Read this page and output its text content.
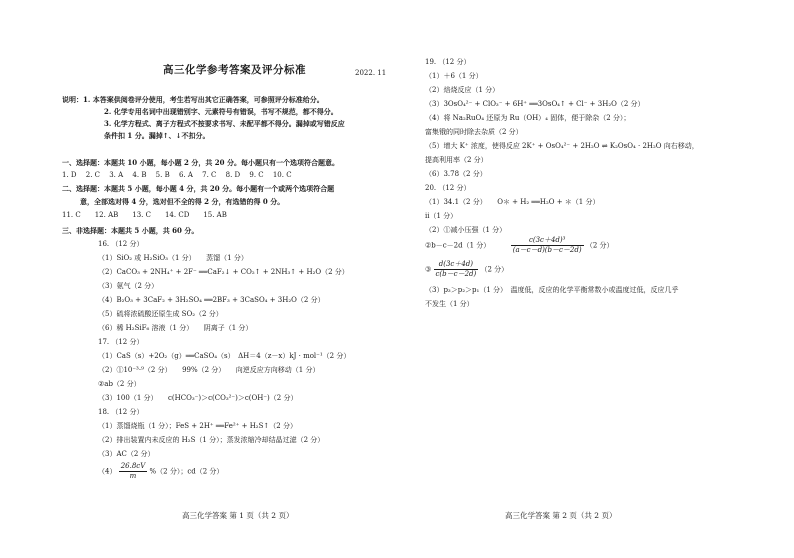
高三化学参考答案及评分标准	2022. 11
说明：1. 本答案供阅卷评分使用，考生若写出其它正确答案，可参照评分标准给分。
2. 化学专用名词中出现错别字、元素符号有错误，书写不规范，都不得分。
3. 化学方程式、离子方程式不按要求书写、未配平都不得分。漏掉或写错反应
条件扣 1 分。漏掉↑、↓不扣分。
一、选择题：本题共 10 小题，每小题 2 分，共 20 分。每小题只有一个选项符合题意。
1. D　 2. C　 3. A　 4. B　 5. B　 6. A　 7. C　 8. D　 9. C　 10. C
二、选择题：本题共 5 小题，每小题 4 分，共 20 分。每小题有一个或两个选项符合题
意，全部选对得 4 分，选对但不全的得 2 分，有选错的得 0 分。
11. C　　12. AB　　13. C　　14. CD　　15. AB
三、非选择题：本题共 5 小题，共 60 分。
16. （12 分）
（1）SiO₂ 或 H₂SiO₃（1 分）　　蒸馏（1 分）
（2）CaCO₃ + 2NH₄⁺ + 2F⁻ ══CaF₂↓ + CO₂↑ + 2NH₃↑ + H₂O（2 分）
（3）氨气（2 分）
（4）B₂O₃ + 3CaF₂ + 3H₂SO₄ ══2BF₃ + 3CaSO₄ + 3H₂O（2 分）
（5）硫将浓硫酸还原生成 SO₂（2 分）
（6）稀 H₂SiF₆ 溶液（1 分）　　阴离子（1 分）
17. （12 分）
（1）CaS（s）+2O₂（g）══CaSO₄（s）　ΔH＝4（z－x）kJ · mol⁻¹（2 分）
（2）①10⁻³·⁹（2 分）　　99%（2 分）　　向逆反应方向移动（1 分）
②ab（2 分）
（3）100（1 分）　　c(HCO₃⁻)＞c(CO₃²⁻)＞c(OH⁻)（2 分）
18. （12 分）
（1）蒸馏烧瓶（1 分）；FeS + 2H⁺ ══Fe²⁺ + H₂S↑（2 分）
（2）排出装置内未反应的 H₂S（1 分）；蒸发浓缩冷却结晶过滤（2 分）
（3）AC（2 分）
$(4) \frac{26.8cV}{m} \%(2$ 分）；cd（2 分）
高三化学答案 第 1 页（共 2 页）
19. （12 分）
（1）＋6（1 分）
（2）焙烧反应（1 分）
（3）3OsO₄²⁻ + ClO₃⁻ + 6H⁺ ══3OsO₄↑ + Cl⁻ + 3H₂O（2 分）
（4）将 Na₂RuO₄ 还原为 Ru（OH）₄ 固体，便于除杂（2 分）；
富集锇的同时除去杂质（2 分）
（5）增大 K⁺ 浓度，使得反应 2K⁺ + OsO₄²⁻ + 2H₂O ⇌ K₂OsO₄ · 2H₂O 向右移动，
提高利用率（2 分）
（6）3.78（2 分）
20. （12 分）
（1）34.1（2 分）　　O＊ + H₂ ══H₂O + ＊（1 分）
ii（1 分）
（2）①减小压强（1 分）
②b－c－2d（1 分）	$\frac{\text{c(3c＋4d)³}}{(a-c-d)(b-c-2d)} (2$ 分）
③ $\frac{d(3c+4d)}{c(b-c-2d)} (2$ 分）
（3）p₃＞p₂＞p₁（1 分）　温度低，反应的化学平衡常数小或温度过低，反应几乎
不发生（1 分）
高三化学答案 第 2 页（共 2 页）
